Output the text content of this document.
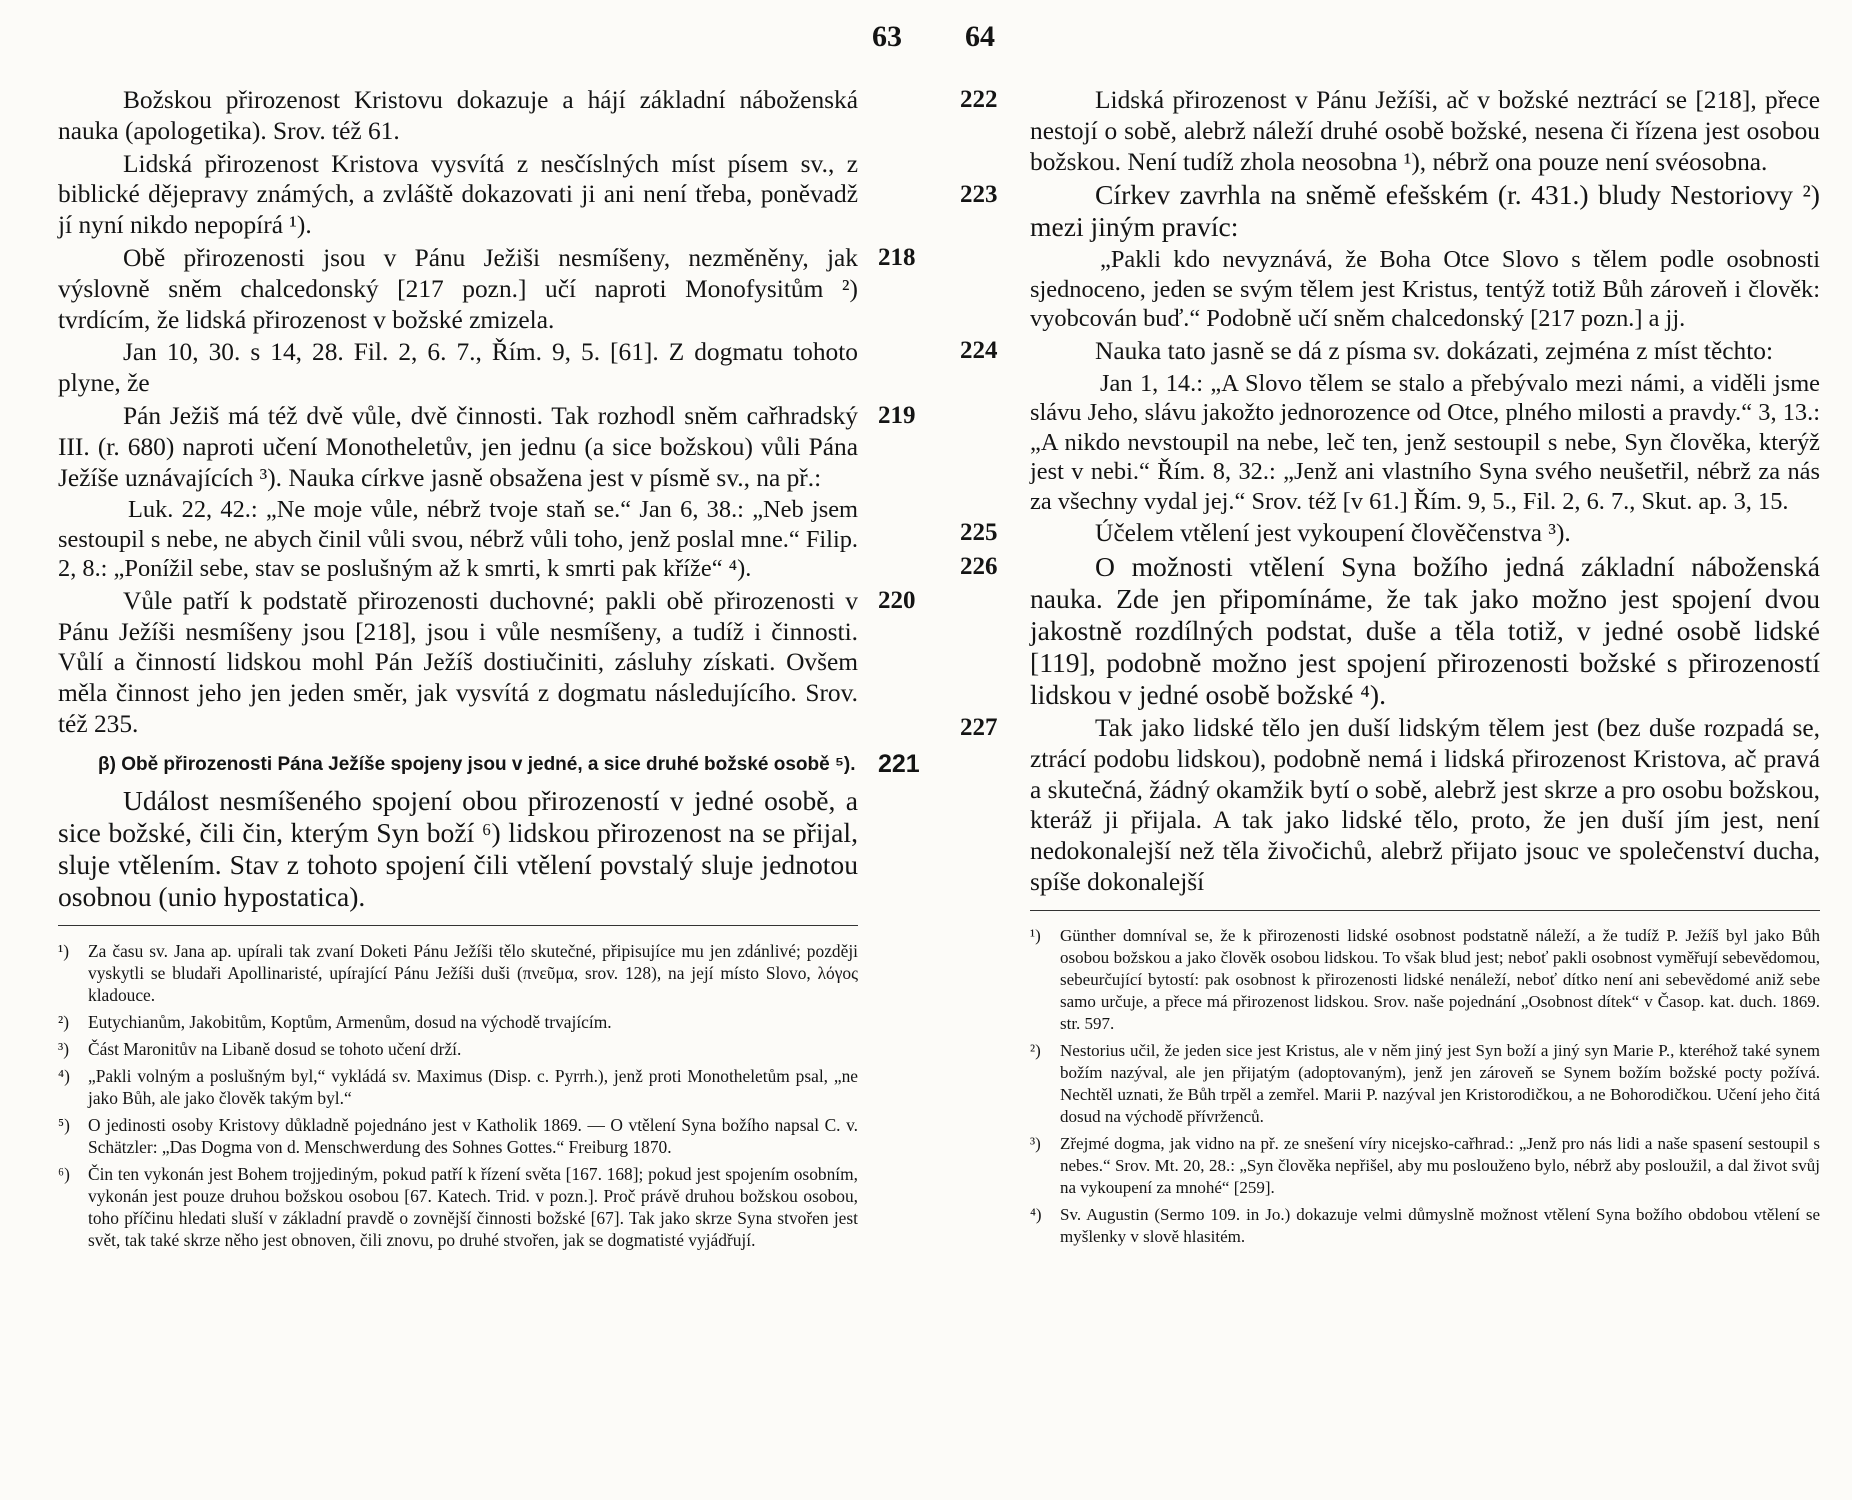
63 64

Božskou přirozenost Kristovu dokazuje a hájí základní náboženská nauka (apologetika). Srov. též 61.

Lidská přirozenost Kristova vysvítá z nesčíslných míst písem sv., z biblické dějepravy známých, a zvláště dokazovati ji ani není třeba, poněvadž jí nyní nikdo nepopírá ¹).

218
Obě přirozenosti jsou v Pánu Ježiši nesmíšeny, nezměněny, jak výslovně sněm chalcedonský [217 pozn.] učí naproti Monofysitům ²) tvrdícím, že lidská přirozenost v božské zmizela.

Jan 10, 30. s 14, 28. Fil. 2, 6. 7., Řím. 9, 5. [61]. Z dogmatu tohoto plyne, že

219
Pán Ježiš má též dvě vůle, dvě činnosti. Tak rozhodl sněm cařhradský III. (r. 680) naproti učení Monotheletův, jen jednu (a sice božskou) vůli Pána Ježíše uznávajících ³). Nauka církve jasně obsažena jest v písmě sv., na př.:

Luk. 22, 42.: „Ne moje vůle, nébrž tvoje staň se.“ Jan 6, 38.: „Neb jsem sestoupil s nebe, ne abych činil vůli svou, nébrž vůli toho, jenž poslal mne.“ Filip. 2, 8.: „Ponížil sebe, stav se poslušným až k smrti, k smrti pak kříže“ ⁴).

220
Vůle patří k podstatě přirozenosti duchovné; pakli obě přirozenosti v Pánu Ježíši nesmíšeny jsou [218], jsou i vůle nesmíšeny, a tudíž i činnosti. Vůlí a činností lidskou mohl Pán Ježíš dostiučiniti, zásluhy získati. Ovšem měla činnost jeho jen jeden směr, jak vysvítá z dogmatu následujícího. Srov. též 235.

β) Obě přirozenosti Pána Ježíše spojeny jsou v jedné, a sice druhé božské osobě ⁵). 221

Událost nesmíšeného spojení obou přirozeností v jedné osobě, a sice božské, čili čin, kterým Syn boží ⁶) lidskou přirozenost na se přijal, sluje vtělením. Stav z tohoto spojení čili vtělení povstalý sluje jednotou osobnou (unio hypostatica).

¹) Za času sv. Jana ap. upírali tak zvaní Doketi Pánu Ježíši tělo skutečné, připisujíce mu jen zdánlivé; později vyskytli se bludaři Apollinaristé, upírající Pánu Ježíši duši (πνεῦμα, srov. 128), na její místo Slovo, λόγος kladouce.

²) Eutychianům, Jakobitům, Koptům, Armenům, dosud na východě trvajícím.

³) Část Maronitův na Libaně dosud se tohoto učení drží.

⁴) „Pakli volným a poslušným byl,“ vykládá sv. Maximus (Disp. c. Pyrrh.), jenž proti Monotheletům psal, „ne jako Bůh, ale jako člověk takým byl.“

⁵) O jedinosti osoby Kristovy důkladně pojednáno jest v Katholik 1869. — O vtělení Syna božího napsal C. v. Schätzler: „Das Dogma von d. Menschwerdung des Sohnes Gottes.“ Freiburg 1870.

⁶) Čin ten vykonán jest Bohem trojjediným, pokud patří k řízení světa [167. 168]; pokud jest spojením osobním, vykonán jest pouze druhou božskou osobou [67. Katech. Trid. v pozn.]. Proč právě druhou božskou osobou, toho příčinu hledati sluší v základní pravdě o zovnější činnosti božské [67]. Tak jako skrze Syna stvořen jest svět, tak také skrze něho jest obnoven, čili znovu, po druhé stvořen, jak se dogmatisté vyjádřují.

222	Lidská přirozenost v Pánu Ježíši, ač v božské neztrácí se [218], přece nestojí o sobě, alebrž náleží druhé osobě božské, nesena či řízena jest osobou božskou. Není tudíž zhola neosobna ¹), nébrž ona pouze není svéosobna.

223	Církev zavrhla na sněmě efešském (r. 431.) bludy Nestoriovy ²) mezi jiným pravíc:

„Pakli kdo nevyznává, že Boha Otce Slovo s tělem podle osobnosti sjednoceno, jeden se svým tělem jest Kristus, tentýž totiž Bůh zároveň i člověk: vyobcován buď.“ Podobně učí sněm chalcedonský [217 pozn.] a jj.

224	Nauka tato jasně se dá z písma sv. dokázati, zejména z míst těchto:

Jan 1, 14.: „A Slovo tělem se stalo a přebývalo mezi námi, a viděli jsme slávu Jeho, slávu jakožto jednorozence od Otce, plného milosti a pravdy.“ 3, 13.: „A nikdo nevstoupil na nebe, leč ten, jenž sestoupil s nebe, Syn člověka, kterýž jest v nebi.“ Řím. 8, 32.: „Jenž ani vlastního Syna svého neušetřil, nébrž za nás za všechny vydal jej.“ Srov. též [v 61.] Řím. 9, 5., Fil. 2, 6. 7., Skut. ap. 3, 15.

225	Účelem vtělení jest vykoupení člověčenstva ³).

226	O možnosti vtělení Syna božího jedná základní náboženská nauka. Zde jen připomínáme, že tak jako možno jest spojení dvou jakostně rozdílných podstat, duše a těla totiž, v jedné osobě lidské [119], podobně možno jest spojení přirozenosti božské s přirozeností lidskou v jedné osobě božské ⁴).

227	Tak jako lidské tělo jen duší lidským tělem jest (bez duše rozpadá se, ztrácí podobu lidskou), podobně nemá i lidská přirozenost Kristova, ač pravá a skutečná, žádný okamžik bytí o sobě, alebrž jest skrze a pro osobu božskou, kteráž ji přijala. A tak jako lidské tělo, proto, že jen duší jím jest, není nedokonalejší než těla živočichů, alebrž přijato jsouc ve společenství ducha, spíše dokonalejší

¹) Günther domníval se, že k přirozenosti lidské osobnost podstatně náleží, a že tudíž P. Ježíš byl jako Bůh osobou božskou a jako člověk osobou lidskou. To však blud jest; neboť pakli osobnost vyměřují sebevědomou, sebeurčující bytostí: pak osobnost k přirozenosti lidské nenáleží, neboť dítko není ani sebevědomé aniž sebe samo určuje, a přece má přirozenost lidskou. Srov. naše pojednání „Osobnost dítek“ v Časop. kat. duch. 1869. str. 597.

²) Nestorius učil, že jeden sice jest Kristus, ale v něm jiný jest Syn boží a jiný syn Marie P., kteréhož také synem božím nazýval, ale jen přijatým (adoptovaným), jenž jen zároveň se Synem božím božské pocty požívá. Nechtěl uznati, že Bůh trpěl a zemřel. Marii P. nazýval jen Kristorodičkou, a ne Bohorodičkou. Učení jeho čitá dosud na východě přívrženců.

³) Zřejmé dogma, jak vidno na př. ze snešení víry nicejsko-cařhrad.: „Jenž pro nás lidi a naše spasení sestoupil s nebes.“ Srov. Mt. 20, 28.: „Syn člověka nepřišel, aby mu poslouženo bylo, nébrž aby posloužil, a dal život svůj na vykoupení za mnohé“ [259].

⁴) Sv. Augustin (Sermo 109. in Jo.) dokazuje velmi důmyslně možnost vtělení Syna božího obdobou vtělení se myšlenky v slově hlasitém.
